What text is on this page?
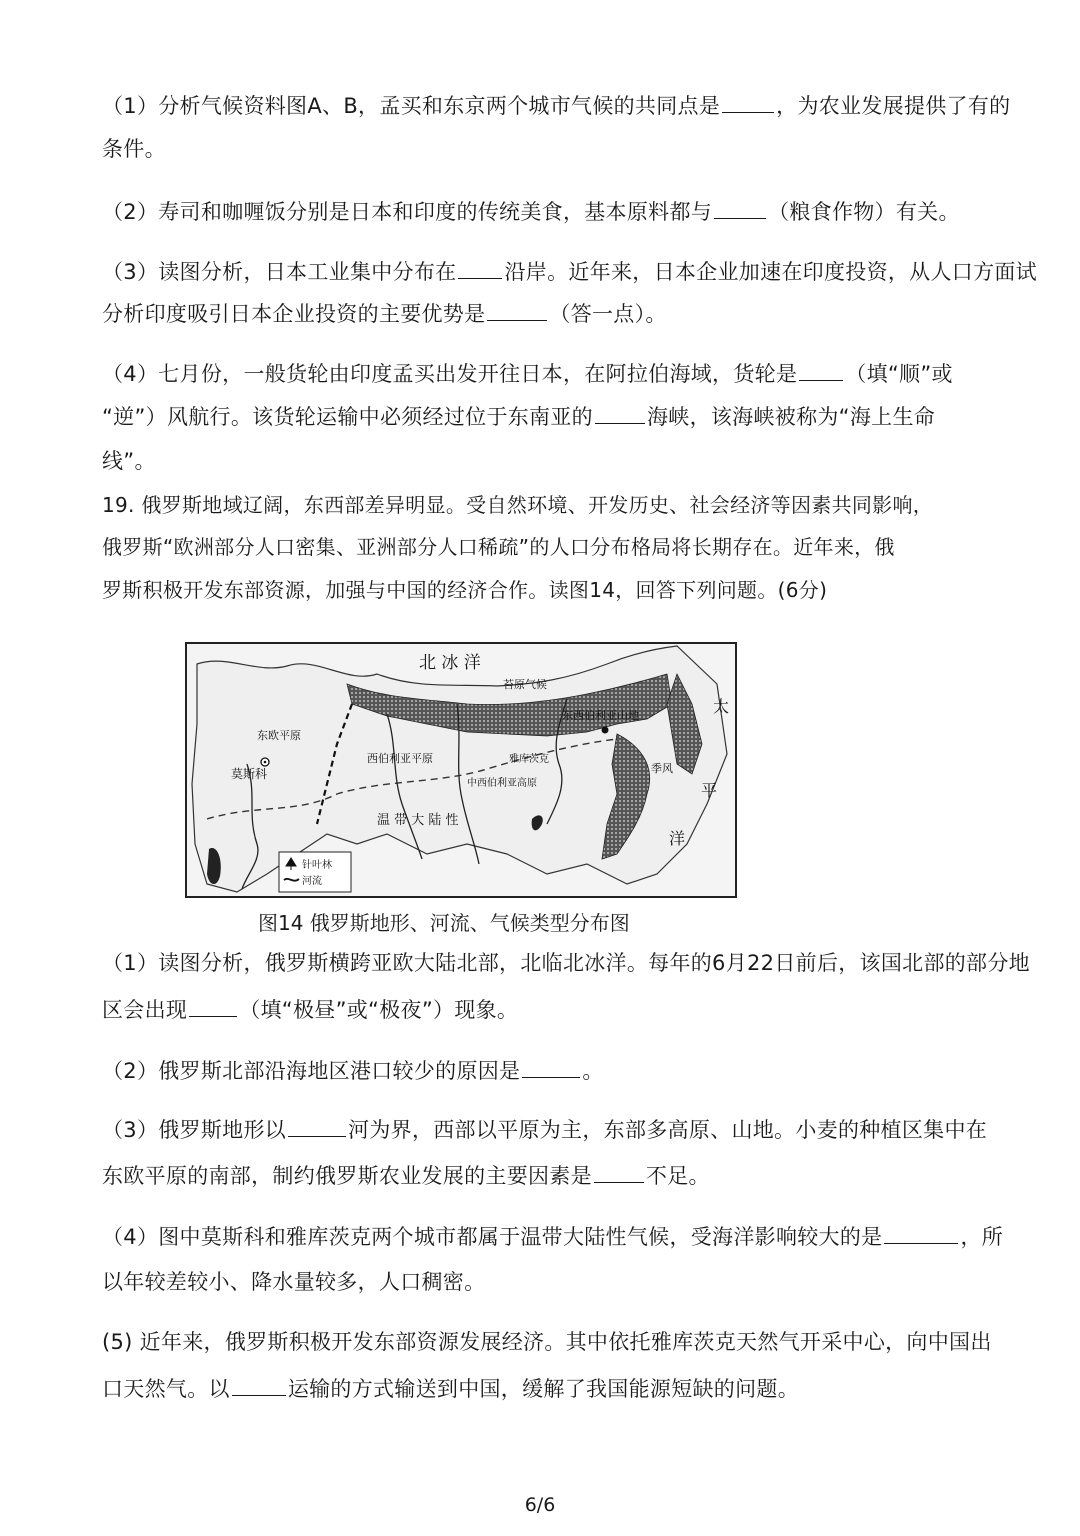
（1）分析气候资料图A、B，孟买和东京两个城市气候的共同点是	，为农业发展提供了有的
条件。
（2）寿司和咖喱饭分别是日本和印度的传统美食，基本原料都与	（粮食作物）有关。
（3）读图分析，日本工业集中分布在 沿岸。近年来，日本企业加速在印度投资，从人口方面试
分析印度吸引日本企业投资的主要优势是	（答一点）。
（4）七月份，一般货轮由印度孟买出发开往日本，在阿拉伯海域，货轮是 （填“顺”或
“逆”）风航行。该货轮运输中必须经过位于东南亚的	海峡，该海峡被称为“海上生命
线”。
19. 俄罗斯地域辽阔，东西部差异明显。受自然环境、开发历史、社会经济等因素共同影响，
俄罗斯“欧洲部分人口密集、亚洲部分人口稀疏”的人口分布格局将长期存在。近年来，俄
罗斯积极开发东部资源，加强与中国的经济合作。读图14，回答下列问题。(6分)
北 冰 洋
苔原气候
东西伯利亚山地
东欧平原
莫斯科
西伯利亚平原	雅库茨克
中西伯利亚高原
温 带 大 陆 性
太
平
洋
季风
针叶林
河流
图14 俄罗斯地形、河流、气候类型分布图
（1）读图分析，俄罗斯横跨亚欧大陆北部，北临北冰洋。每年的6月22日前后，该国北部的部分地
区会出现 （填“极昼”或“极夜”）现象。
（2）俄罗斯北部沿海地区港口较少的原因是	。
（3）俄罗斯地形以	河为界，西部以平原为主，东部多高原、山地。小麦的种植区集中在
东欧平原的南部，制约俄罗斯农业发展的主要因素是	不足。
（4）图中莫斯科和雅库茨克两个城市都属于温带大陆性气候，受海洋影响较大的是	，所
以年较差较小、降水量较多，人口稠密。
(5) 近年来，俄罗斯积极开发东部资源发展经济。其中依托雅库茨克天然气开采中心，向中国出
口天然气。以	运输的方式输送到中国，缓解了我国能源短缺的问题。
6/6
